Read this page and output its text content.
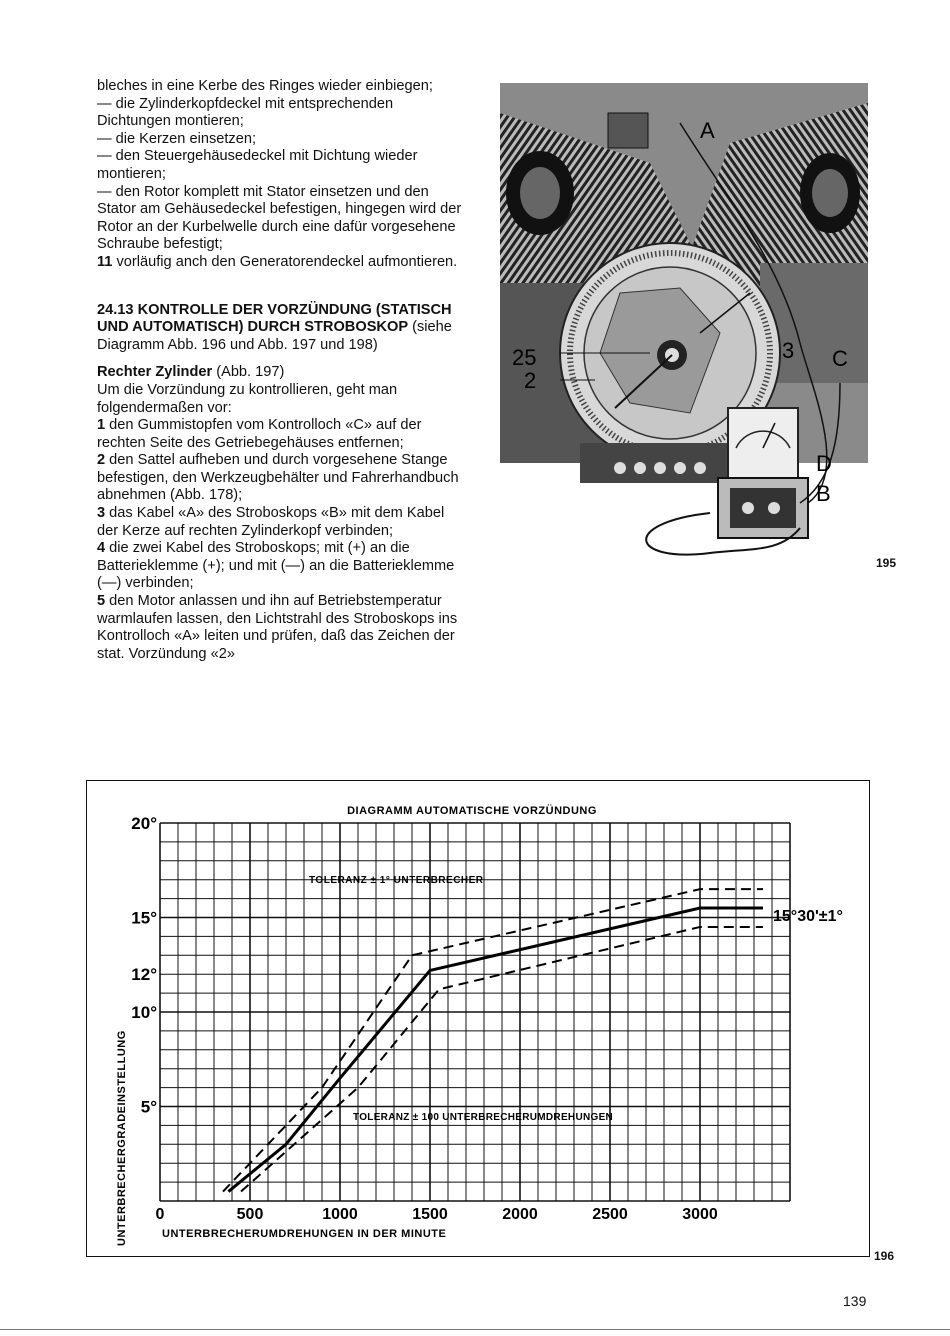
bleches in eine Kerbe des Ringes wieder einbiegen;

— die Zylinderkopfdeckel mit entsprechenden Dichtungen montieren;

— die Kerzen einsetzen;

— den Steuergehäusedeckel mit Dichtung wieder montieren;

— den Rotor komplett mit Stator einsetzen und den Stator am Gehäusedeckel befestigen, hingegen wird der Rotor an der Kurbelwelle durch eine dafür vorgesehene Schraube befestigt;

11 vorläufig anch den Generatorendeckel aufmontieren.

24.13 KONTROLLE DER VORZÜNDUNG (STATISCH UND AUTOMATISCH) DURCH STROBOSKOP (siehe Diagramm Abb. 196 und Abb. 197 und 198)

Rechter Zylinder (Abb. 197)

Um die Vorzündung zu kontrollieren, geht man folgendermaßen vor:

1 den Gummistopfen vom Kontrolloch «C» auf der rechten Seite des Getriebegehäuses entfernen;

2 den Sattel aufheben und durch vorgesehene Stange befestigen, den Werkzeugbehälter und Fahrerhandbuch abnehmen (Abb. 178);

3 das Kabel «A» des Stroboskops «B» mit dem Kabel der Kerze auf rechten Zylinderkopf verbinden;

4 die zwei Kabel des Stroboskops; mit (+) an die Batterieklemme (+); und mit (—) an die Batterieklemme (—) verbinden;

5 den Motor anlassen und ihn auf Betriebstemperatur warmlaufen lassen, den Lichtstrahl des Stroboskops ins Kontrolloch «A» leiten und prüfen, daß das Zeichen der stat. Vorzündung «2»

A
25
2
3 C
D
B
195
DIAGRAMM AUTOMATISCHE VORZÜNDUNG
UNTERBRECHERUMDREHUNGEN IN DER MINUTE
UNTERBRECHERGRADEINSTELLUNG 0	500	1000	1500	2000	2500	3000
5°
10°
12°
15°
20°
TOLERANZ ± 1° UNTERBRECHER
TOLERANZ ± 100 UNTERBRECHERUMDREHUNGEN
15°30'±1°
196
139
